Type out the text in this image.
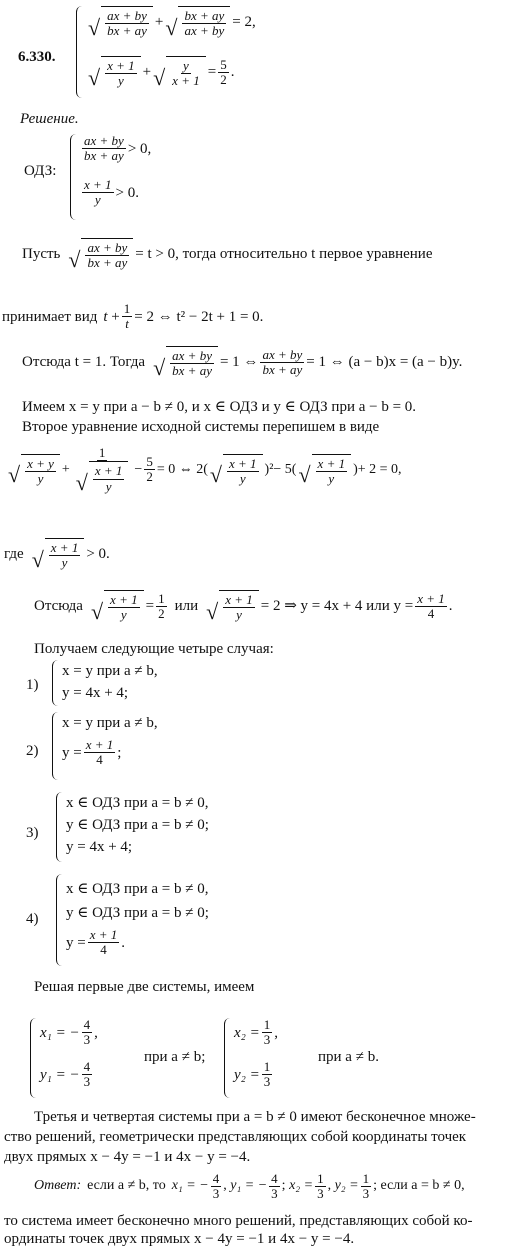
6.330.
√ $\frac{ax + by}{bx + ay}$ + √ $\frac{bx + ay}{ax + by} = 2$,
√ $\frac{x + 1}{y}$ + √ $\frac{y}{x + 1} = \frac{5}{2}$ .
Решение.
ОДЗ:
$\frac{ax + by}{bx + ay} > 0$,
$\frac{x + 1}{y} > 0$.
Пусть √ $\frac{ax + by}{bx + ay} = t > 0$, тогда относительно t первое уравнение
принимает вид $t + \frac{1}{t} = 2$ ⇔ t² − 2t + 1 = 0.
Отсюда t = 1. Тогда √ $\frac{ax + by}{bx + ay} = 1$ ⇔ $\frac{ax + by}{bx + ay} = 1$ ⇔ (a − b)x = (a − b)y.
Имеем x = y при a − b ≠ 0, и x ∈ ОДЗ и y ∈ ОДЗ при a − b = 0.
Второе уравнение исходной системы перепишем в виде
√ $\frac{x + y}{y} + \frac{1}{√ \frac{x + 1}{y}} - \frac{5}{2} = 0$ ⇔ 2 ( √ $\frac{x + 1}{y} )^2 - 5$ ( √ $\frac{x + 1}{y}$ ) + 2 = 0,
где √ $\frac{x + 1}{y} > 0$.
Отсюда √ $\frac{x + 1}{y} = \frac{1}{2}$ или √ $\frac{x + 1}{y} = 2$ ⇒ y = 4x + 4 или $y = \frac{x + 1}{4}$ .
Получаем следующие четыре случая:
1)
x = y при a ≠ b,
y = 4x + 4;
2)
x = y при a ≠ b,
$y = \frac{x + 1}{4}$ ;
3)
x ∈ ОДЗ при a = b ≠ 0,
y ∈ ОДЗ при a = b ≠ 0;
y = 4x + 4;
4)
x ∈ ОДЗ при a = b ≠ 0,
y ∈ ОДЗ при a = b ≠ 0;
$y = \frac{x + 1}{4}$ .
Решая первые две системы, имеем
x₁ = − $\frac{4}{3}$ ,
y₁ = − $\frac{4}{3}$
при a ≠ b;
$x_2 = \frac{1}{3}$ ,
$y_2 = \frac{1}{3}$
при a ≠ b.
Третья и четвертая системы при a = b ≠ 0 имеют бесконечное множе-
ство решений, геометрически представляющих собой координаты точек
двух прямых x − 4y = −1 и 4x − y = −4.
Ответ: если a ≠ b, то x₁ = − $\frac{4}{3}$ , y₁ = − $\frac{4}{3}$ ; $x_2 = \frac{1}{3}$ , $y_2 = \frac{1}{3}$ ; если a = b ≠ 0,
то система имеет бесконечно много решений, представляющих собой ко-
ординаты точек двух прямых x − 4y = −1 и 4x − y = −4.
